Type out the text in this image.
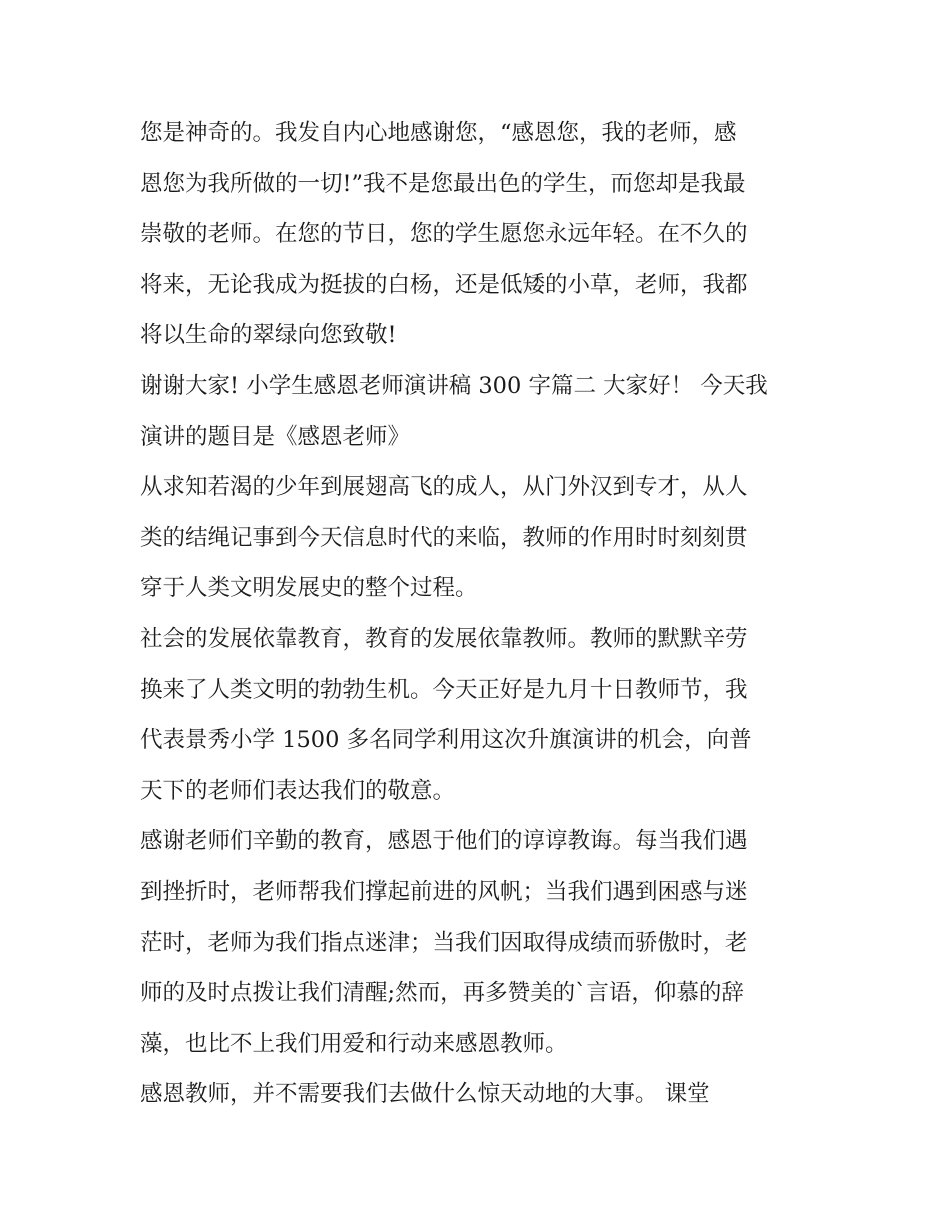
您是神奇的。我发自内心地感谢您，“感恩您，我的老师，感
恩您为我所做的一切!”我不是您最出色的学生，而您却是我最
崇敬的老师。在您的节日，您的学生愿您永远年轻。在不久的
将来，无论我成为挺拔的白杨，还是低矮的小草，老师，我都
将以生命的翠绿向您致敬!
谢谢大家! 小学生感恩老师演讲稿 300 字篇二 大家好！ 今天我
演讲的题目是《感恩老师》
从求知若渴的少年到展翅高飞的成人，从门外汉到专才，从人
类的结绳记事到今天信息时代的来临，教师的作用时时刻刻贯
穿于人类文明发展史的整个过程。
社会的发展依靠教育，教育的发展依靠教师。教师的默默辛劳
换来了人类文明的勃勃生机。今天正好是九月十日教师节，我
代表景秀小学 1500 多名同学利用这次升旗演讲的机会，向普
天下的老师们表达我们的敬意。
感谢老师们辛勤的教育，感恩于他们的谆谆教诲。每当我们遇
到挫折时，老师帮我们撑起前进的风帆；当我们遇到困惑与迷
茫时，老师为我们指点迷津；当我们因取得成绩而骄傲时，老
师的及时点拨让我们清醒;然而，再多赞美的`言语，仰慕的辞
藻，也比不上我们用爱和行动来感恩教师。
感恩教师，并不需要我们去做什么惊天动地的大事。 课堂
